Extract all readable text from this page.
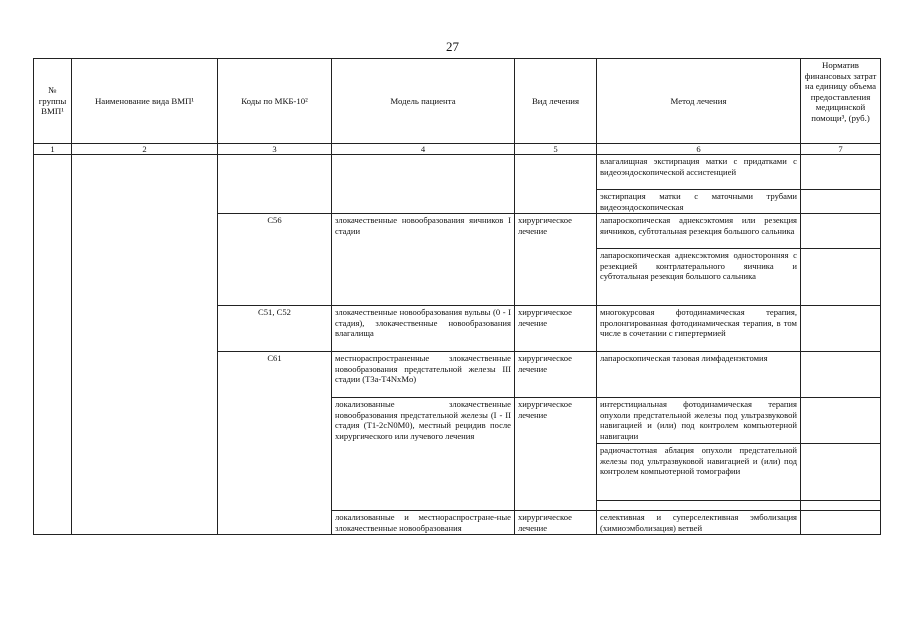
27
№ группы ВМП¹	Наименование вида ВМП¹	Коды по МКБ-10²	Модель пациента	Вид лечения	Метод лечения	Норматив финансовых затрат на единицу объема предоставления медицинской помощи³, (руб.)
1	2	3	4	5	6	7
					влагалищная экстирпация матки с придатками с видеоэндоскопической ассистенцией	
					экстирпация матки с маточными трубами видеоэндоскопическая	
		C56	злокачественные новообразования яичников I стадии	хирургическое лечение	лапароскопическая аднексэктомия или резекция яичников, субтотальная резекция большого сальника	
					лапароскопическая аднексэктомия односторонняя с резекцией контрлатерального яичника и субтотальная резекция большого сальника	
		C51, C52	злокачественные новообразования вульвы (0 - I стадия), злокачественные новообразования влагалища	хирургическое лечение	многокурсовая фотодинамическая терапия, пролонгированная фотодинамическая терапия, в том числе в сочетании с гипертермией	
		C61	местнораспространенные злокачественные новообразования предстательной железы III стадии (T3a-T4NxMo)	хирургическое лечение	лапароскопическая тазовая лимфаденэктомия	
			локализованные злокачественные новообразования предстательной железы (I - II стадия (T1-2cN0M0), местный рецидив после хирургического или лучевого лечения	хирургическое лечение	интерстициальная фотодинамическая терапия опухоли предстательной железы под ультразвуковой навигацией и (или) под контролем компьютерной навигации	
					радиочастотная аблация опухоли предстательной железы под ультразвуковой навигацией и (или) под контролем компьютерной томографии	

			локализованные и местнораспростране-ные злокачественные новообразования	хирургическое лечение	селективная и суперселективная эмболизация (химиоэмболизация) ветвей	
